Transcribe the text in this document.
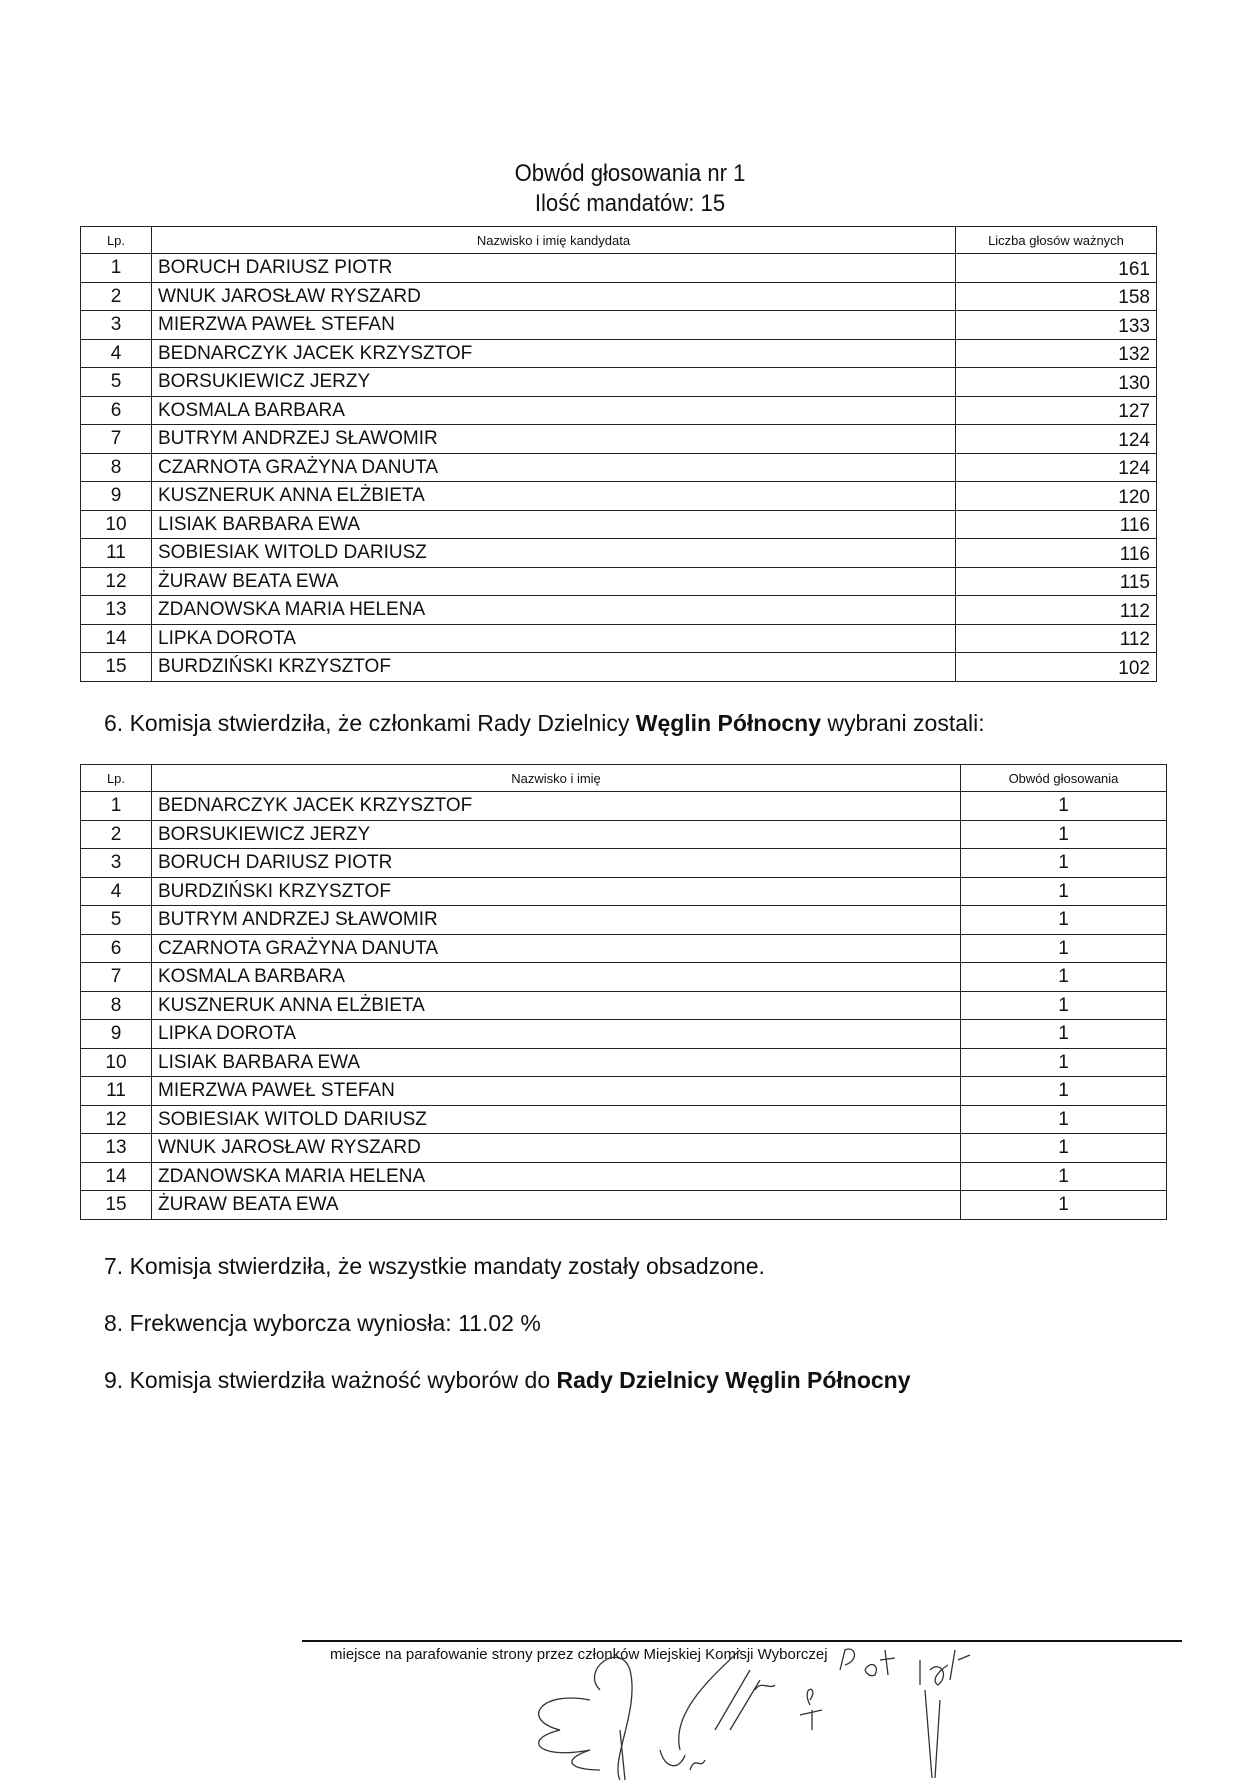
Obwód głosowania nr 1
Ilość mandatów: 15
Lp.	Nazwisko i imię kandydata	Liczba głosów ważnych
1	BORUCH DARIUSZ PIOTR	161
2	WNUK JAROSŁAW RYSZARD	158
3	MIERZWA PAWEŁ STEFAN	133
4	BEDNARCZYK JACEK KRZYSZTOF	132
5	BORSUKIEWICZ JERZY	130
6	KOSMALA BARBARA	127
7	BUTRYM ANDRZEJ SŁAWOMIR	124
8	CZARNOTA GRAŻYNA DANUTA	124
9	KUSZNERUK ANNA ELŻBIETA	120
10	LISIAK BARBARA EWA	116
11	SOBIESIAK WITOLD DARIUSZ	116
12	ŻURAW BEATA EWA	115
13	ZDANOWSKA MARIA HELENA	112
14	LIPKA DOROTA	112
15	BURDZIŃSKI KRZYSZTOF	102
6. Komisja stwierdziła, że członkami Rady Dzielnicy Węglin Północny wybrani zostali:
Lp.	Nazwisko i imię	Obwód głosowania
1	BEDNARCZYK JACEK KRZYSZTOF	1
2	BORSUKIEWICZ JERZY	1
3	BORUCH DARIUSZ PIOTR	1
4	BURDZIŃSKI KRZYSZTOF	1
5	BUTRYM ANDRZEJ SŁAWOMIR	1
6	CZARNOTA GRAŻYNA DANUTA	1
7	KOSMALA BARBARA	1
8	KUSZNERUK ANNA ELŻBIETA	1
9	LIPKA DOROTA	1
10	LISIAK BARBARA EWA	1
11	MIERZWA PAWEŁ STEFAN	1
12	SOBIESIAK WITOLD DARIUSZ	1
13	WNUK JAROSŁAW RYSZARD	1
14	ZDANOWSKA MARIA HELENA	1
15	ŻURAW BEATA EWA	1
7. Komisja stwierdziła, że wszystkie mandaty zostały obsadzone.
8. Frekwencja wyborcza wyniosła: 11.02 %
9. Komisja stwierdziła ważność wyborów do Rady Dzielnicy Węglin Północny
miejsce na parafowanie strony przez członków Miejskiej Komisji Wyborczej
